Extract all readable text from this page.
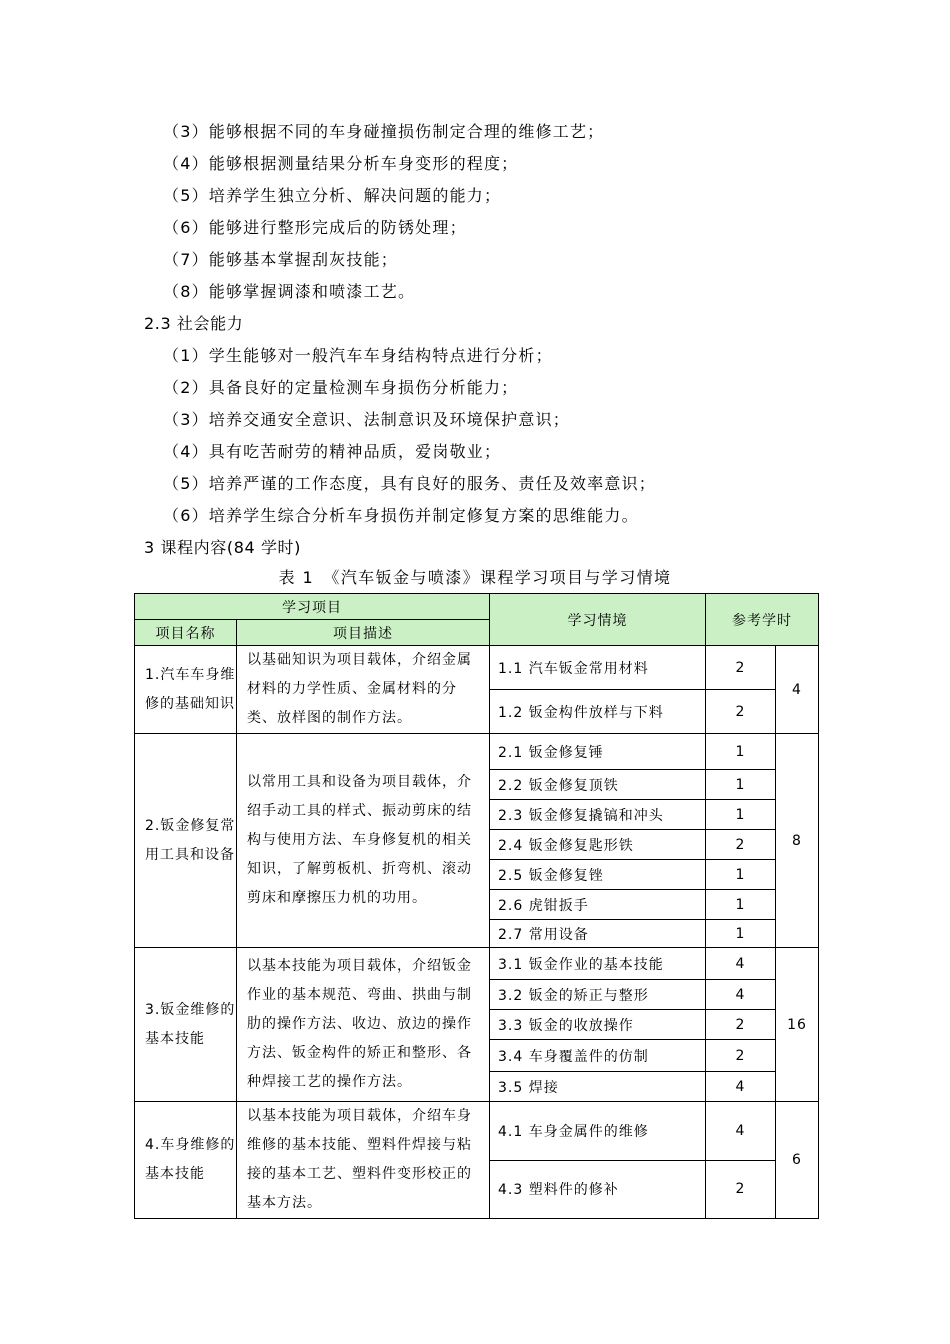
（3）能够根据不同的车身碰撞损伤制定合理的维修工艺；
（4）能够根据测量结果分析车身变形的程度；
（5）培养学生独立分析、解决问题的能力；
（6）能够进行整形完成后的防锈处理；
（7）能够基本掌握刮灰技能；
（8）能够掌握调漆和喷漆工艺。
2.3 社会能力
（1）学生能够对一般汽车车身结构特点进行分析；
（2）具备良好的定量检测车身损伤分析能力；
（3）培养交通安全意识、法制意识及环境保护意识；
（4）具有吃苦耐劳的精神品质，爱岗敬业；
（5）培养严谨的工作态度，具有良好的服务、责任及效率意识；
（6）培养学生综合分析车身损伤并制定修复方案的思维能力。
3 课程内容(84 学时)
表 1　《汽车钣金与喷漆》课程学习项目与学习情境
学习项目		学习情境	参考学时	
项目名称	项目描述			
1.汽车车身维修的基础知识	以基础知识为项目载体，介绍金属材料的力学性质、金属材料的分类、放样图的制作方法。	1.1 汽车钣金常用材料	2	4
		1.2 钣金构件放样与下料	2	
2.钣金修复常用工具和设备	以常用工具和设备为项目载体，介绍手动工具的样式、振动剪床的结构与使用方法、车身修复机的相关知识，了解剪板机、折弯机、滚动剪床和摩擦压力机的功用。	2.1 钣金修复锤	1	8
		2.2 钣金修复顶铁	1	
		2.3 钣金修复撬镐和冲头	1	
		2.4 钣金修复匙形铁	2	
		2.5 钣金修复锉	1	
		2.6 虎钳扳手	1	
		2.7 常用设备	1	
3.钣金维修的基本技能	以基本技能为项目载体，介绍钣金作业的基本规范、弯曲、拱曲与制肋的操作方法、收边、放边的操作方法、钣金构件的矫正和整形、各种焊接工艺的操作方法。	3.1 钣金作业的基本技能	4	16
		3.2 钣金的矫正与整形	4	
		3.3 钣金的收放操作	2	
		3.4 车身覆盖件的仿制	2	
		3.5 焊接	4	
4.车身维修的基本技能	以基本技能为项目载体，介绍车身维修的基本技能、塑料件焊接与粘接的基本工艺、塑料件变形校正的基本方法。	4.1 车身金属件的维修	4	6
		4.3 塑料件的修补	2	
